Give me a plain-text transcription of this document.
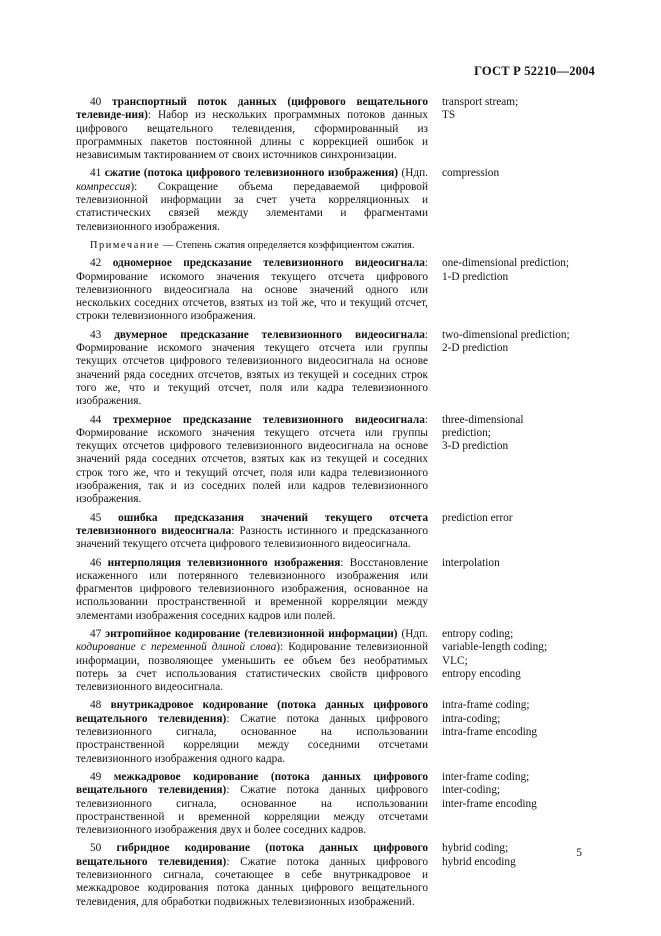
ГОСТ Р 52210—2004
40 транспортный поток данных (цифрового вещательного телевиде-ния): Набор из нескольких программных потоков данных цифрового вещательного телевидения, сформированный из программных пакетов постоянной длины с коррекцией ошибок и независимым тактированием от своих источников синхронизации.
transport stream;
TS
41 сжатие (потока цифрового телевизионного изображения) (Ндп. компрессия): Сокращение объема передаваемой цифровой телевизионной информации за счет учета корреляционных и статистических связей между элементами и фрагментами телевизионного изображения.
compression
Примечание — Степень сжатия определяется коэффициентом сжатия.
42 одномерное предсказание телевизионного видеосигнала: Формирование искомого значения текущего отсчета цифрового телевизионного видеосигнала на основе значений одного или нескольких соседних отсчетов, взятых из той же, что и текущий отсчет, строки телевизионного изображения.
one-dimensional prediction;
1-D prediction
43 двумерное предсказание телевизионного видеосигнала: Формирование искомого значения текущего отсчета или группы текущих отсчетов цифрового телевизионного видеосигнала на основе значений ряда соседних отсчетов, взятых из текущей и соседних строк того же, что и текущий отсчет, поля или кадра телевизионного изображения.
two-dimensional prediction;
2-D prediction
44 трехмерное предсказание телевизионного видеосигнала: Формирование искомого значения текущего отсчета или группы текущих отсчетов цифрового телевизионного видеосигнала на основе значений ряда соседних отсчетов, взятых как из текущей и соседних строк того же, что и текущий отсчет, поля или кадра телевизионного изображения, так и из соседних полей или кадров телевизионного изображения.
three-dimensional
prediction;
3-D prediction
45 ошибка предсказания значений текущего отсчета телевизионного видеосигнала: Разность истинного и предсказанного значений текущего отсчета цифрового телевизионного видеосигнала.
prediction error
46 интерполяция телевизионного изображения: Восстановление искаженного или потерянного телевизионного изображения или фрагментов цифрового телевизионного изображения, основанное на использовании пространственной и временной корреляции между элементами изображения соседних кадров или полей.
interpolation
47 энтропийное кодирование (телевизионной информации) (Ндп. кодирование с переменной длиной слова): Кодирование телевизионной информации, позволяющее уменьшить ее объем без необратимых потерь за счет использования статистических свойств цифрового телевизионного видеосигнала.
entropy coding;
variable-length coding;
VLC;
entropy encoding
48 внутрикадровое кодирование (потока данных цифрового вещательного телевидения): Сжатие потока данных цифрового телевизионного сигнала, основанное на использовании пространственной корреляции между соседними отсчетами телевизионного изображения одного кадра.
intra-frame coding;
intra-coding;
intra-frame encoding
49 межкадровое кодирование (потока данных цифрового вещательного телевидения): Сжатие потока данных цифрового телевизионного сигнала, основанное на использовании пространственной и временной корреляции между отсчетами телевизионного изображения двух и более соседних кадров.
inter-frame coding;
inter-coding;
inter-frame encoding
50 гибридное кодирование (потока данных цифрового вещательного телевидения): Сжатие потока данных цифрового телевизионного сигнала, сочетающее в себе внутрикадровое и межкадровое кодирования потока данных цифрового вещательного телевидения, для обработки подвижных телевизионных изображений.
hybrid coding;
hybrid encoding
5
